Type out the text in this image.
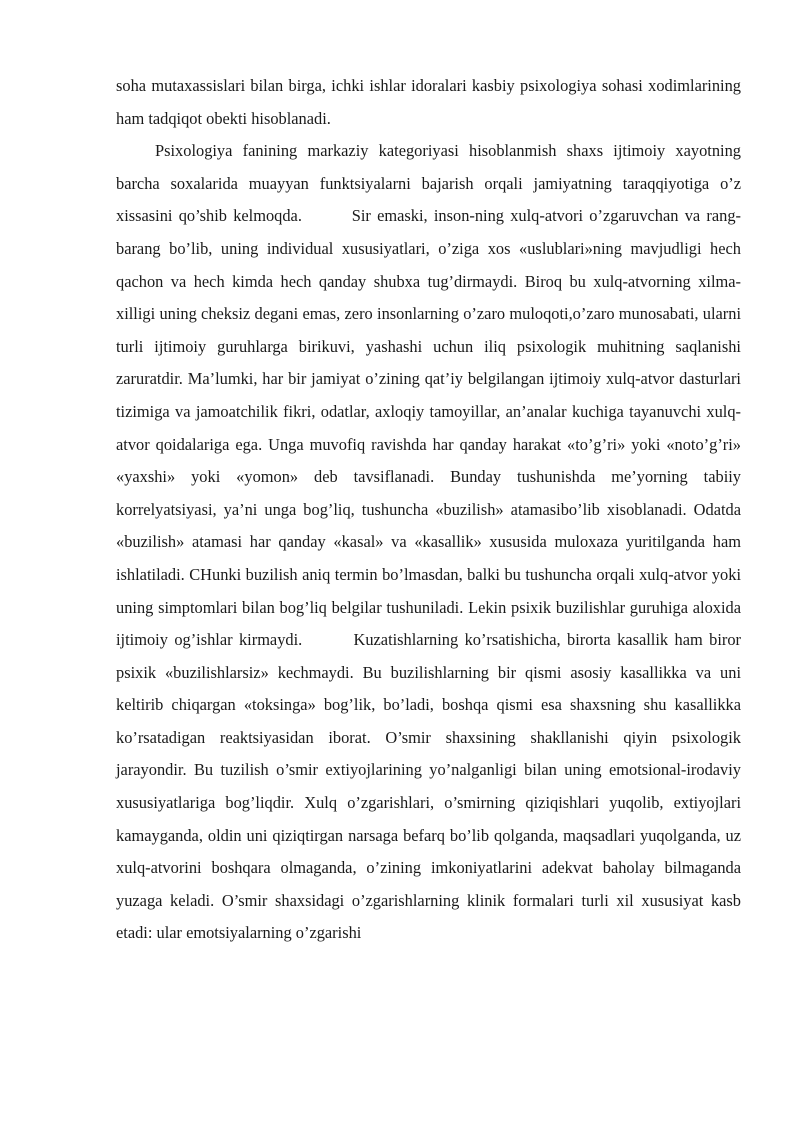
soha mutaxassislari bilan birga, ichki ishlar idoralari kasbiy psixologiya sohasi xodimlarining ham tadqiqot obekti hisoblanadi.

Psixologiya fanining markaziy kategoriyasi hisoblanmish shaxs ijtimoiy xayotning barcha soxalarida muayyan funktsiyalarni bajarish orqali jamiyatning taraqqiyotiga o’z xissasini qo’shib kelmoqda.        Sir emaski, inson-ning xulq-atvori o’zgaruvchan va rang-barang bo’lib, uning individual xususiyatlari, o’ziga xos «uslublari»ning mavjudligi hech qachon va hech kimda hech qanday shubxa tug’dirmaydi. Biroq bu xulq-atvorning xilma-xilligi uning cheksiz degani emas, zero insonlarning o’zaro muloqoti,o’zaro munosabati, ularni turli ijtimoiy guruhlarga birikuvi, yashashi uchun iliq psixologik muhitning saqlanishi zaruratdir. Ma’lumki, har bir jamiyat o’zining qat’iy belgilangan ijtimoiy xulq-atvor dasturlari tizimiga va jamoatchilik fikri, odatlar, axloqiy tamoyillar, an’analar kuchiga tayanuvchi xulq-atvor qoidalariga ega. Unga muvofiq ravishda har qanday harakat «to’g’ri» yoki «noto’g’ri» «yaxshi» yoki «yomon» deb tavsiflanadi. Bunday tushunishda me’yorning tabiiy korrelyatsiyasi, ya’ni unga bog’liq, tushuncha «buzilish» atamasibo’lib xisoblanadi. Odatda «buzilish» atamasi har qanday «kasal» va «kasallik» xususida muloxaza yuritilganda ham ishlatiladi. CHunki buzilish aniq termin bo’lmasdan, balki bu tushuncha orqali xulq-atvor yoki uning simptomlari bilan bog’liq belgilar tushuniladi. Lekin psixik buzilishlar guruhiga aloxida ijtimoiy og’ishlar kirmaydi.        Kuzatishlarning ko’rsatishicha, birorta kasallik ham biror psixik «buzilishlarsiz» kechmaydi. Bu buzilishlarning bir qismi asosiy kasallikka va uni keltirib chiqargan «toksinga» bog’lik, bo’ladi, boshqa qismi esa shaxsning shu kasallikka ko’rsatadigan reaktsiyasidan iborat. O’smir shaxsining shakllanishi qiyin psixologik jarayondir. Bu tuzilish o’smir extiyojlarining yo’nalganligi bilan uning emotsional-irodaviy xususiyatlariga bog’liqdir. Xulq o’zgarishlari, o’smirning qiziqishlari yuqolib, extiyojlari kamayganda, oldin uni qiziqtirgan narsaga befarq bo’lib qolganda, maqsadlari yuqolganda, uz xulq-atvorini boshqara olmaganda, o’zining imkoniyatlarini adekvat baholay bilmaganda yuzaga keladi. O’smir shaxsidagi o’zgarishlarning klinik formalari turli xil xususiyat kasb etadi: ular emotsiyalarning o’zgarishi
